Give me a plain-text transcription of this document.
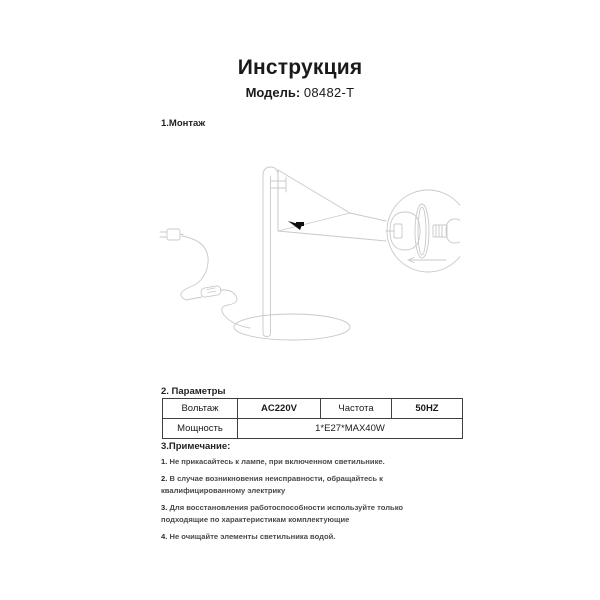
Инструкция
Модель: 08482-T
1.Монтаж
2. Параметры
Вольтаж	AC220V	Частота	50HZ
Мощность	1*E27*MAX40W		
3.Примечание:
1. Не прикасайтесь к лампе, при включенном светильнике.
2. В случае возникновения неисправности, обращайтесь к квалифицированному электрику
3. Для восстановления работоспособности используйте только подходящие по характеристикам комплектующие
4. Не очищайте элементы светильника водой.
